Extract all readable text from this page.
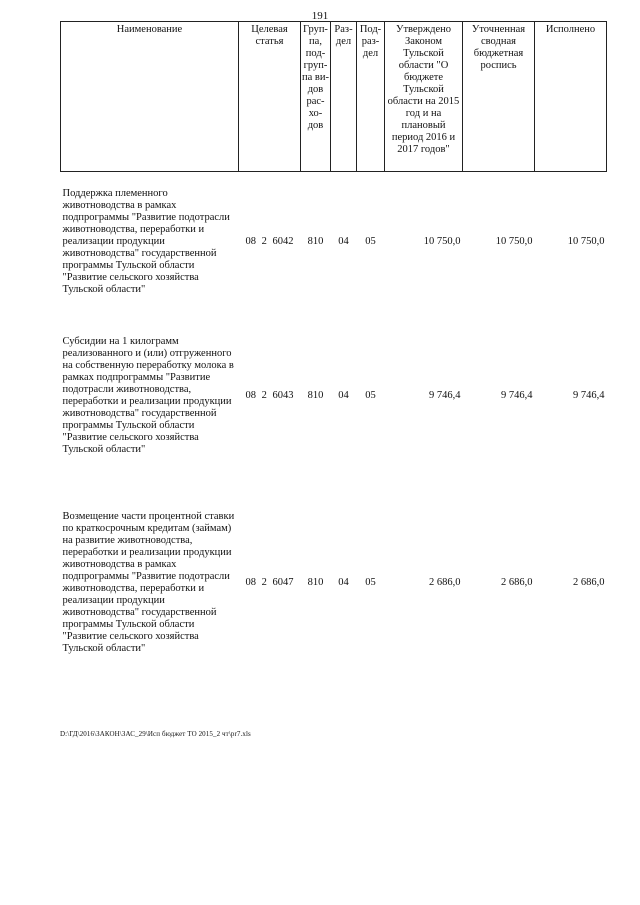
191
Наименование	Целевая статья	Груп-па, под-груп-па ви-дов рас-хо-дов	Раз-дел	Под-раз-дел	Утверждено Законом Тульской области "О бюджете Тульской области на 2015 год и на плановый период 2016 и 2017 годов"	Уточненная сводная бюджетная роспись	Исполнено
Поддержка племенного животноводства в рамках подпрограммы "Развитие подотрасли животноводства, переработки и реализации продукции животноводства" государственной программы Тульской области "Развитие сельского хозяйства Тульской области"	08 2 6042	810	04	05	10 750,0	10 750,0	10 750,0
Субсидии на 1 килограмм реализованного и (или) отгруженного на собственную переработку молока в рамках подпрограммы "Развитие подотрасли животноводства, переработки и реализации продукции животноводства" государственной программы Тульской области "Развитие сельского хозяйства Тульской области"	08 2 6043	810	04	05	9 746,4	9 746,4	9 746,4
Возмещение части процентной ставки по краткосрочным кредитам (займам) на развитие животноводства, переработки и реализации продукции животноводства в рамках подпрограммы "Развитие подотрасли животноводства, переработки и реализации продукции животноводства" государственной программы Тульской области "Развитие сельского хозяйства Тульской области"	08 2 6047	810	04	05	2 686,0	2 686,0	2 686,0
D:\ГД\2016\ЗАКОН\ЗАС_29\Исп бюджет ТО 2015_2 чт\pr7.xls
